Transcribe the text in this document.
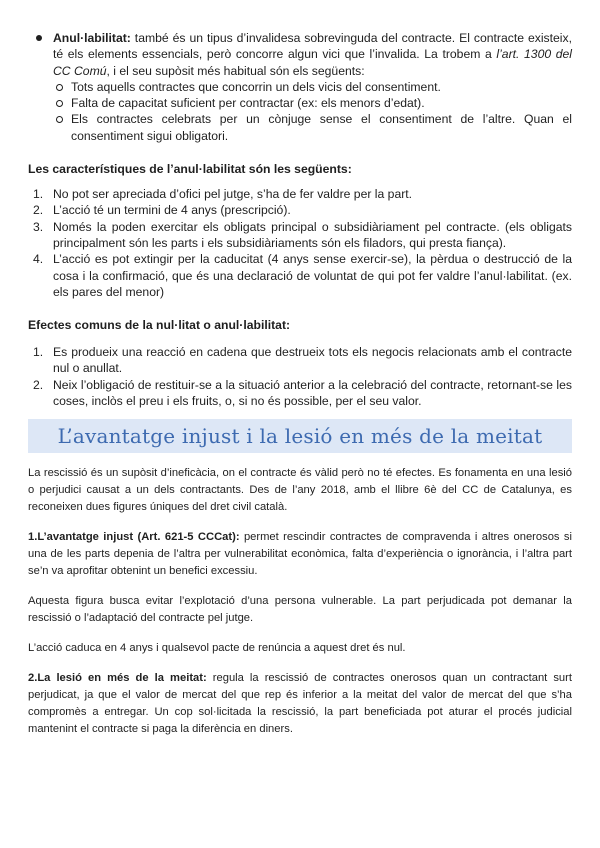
Anul·labilitat: també és un tipus d’invalidesa sobrevinguda del contracte. El contracte existeix, té els elements essencials, però concorre algun vici que l’invalida. La trobem a l’art. 1300 del CC Comú, i el seu supòsit més habitual són els següents:

Tots aquells contractes que concorrin un dels vicis del consentiment.
Falta de capacitat suficient per contractar (ex: els menors d’edat).
Els contractes celebrats per un cònjuge sense el consentiment de l’altre. Quan el consentiment sigui obligatori.

Les característiques de l’anul·labilitat són les següents:

1. No pot ser apreciada d’ofici pel jutge, s’ha de fer valdre per la part.
2. L’acció té un termini de 4 anys (prescripció).
3. Només la poden exercitar els obligats principal o subsidiàriament pel contracte. (els obligats principalment són les parts i els subsidiàriaments són els filadors, qui presta fiança).
4. L’acció es pot extingir per la caducitat (4 anys sense exercir-se), la pèrdua o destrucció de la cosa i la confirmació, que és una declaració de voluntat de qui pot fer valdre l’anul·labilitat. (ex. els pares del menor)

Efectes comuns de la nul·litat o anul·labilitat:

1. Es produeix una reacció en cadena que destrueix tots els negocis relacionats amb el contracte nul o anullat.
2. Neix l’obligació de restituir-se a la situació anterior a la celebració del contracte, retornant-se les coses, inclòs el preu i els fruits, o, si no és possible, per el seu valor.
L’avantatge injust i la lesió en més de la meitat

La rescissió és un supòsit d’ineficàcia, on el contracte és vàlid però no té efectes. Es fonamenta en una lesió o perjudici causat a un dels contractants. Des de l’any 2018, amb el llibre 6è del CC de Catalunya, es reconeixen dues figures úniques del dret civil català.

1.L’avantatge injust (Art. 621-5 CCCat): permet rescindir contractes de compravenda i altres onerosos si una de les parts depenia de l’altra per vulnerabilitat econòmica, falta d’experiència o ignorància, i l’altra part se’n va aprofitar obtenint un benefici excessiu.

Aquesta figura busca evitar l’explotació d’una persona vulnerable. La part perjudicada pot demanar la rescissió o l’adaptació del contracte pel jutge.

L’acció caduca en 4 anys i qualsevol pacte de renúncia a aquest dret és nul.

2.La lesió en més de la meitat: regula la rescissió de contractes onerosos quan un contractant surt perjudicat, ja que el valor de mercat del que rep és inferior a la meitat del valor de mercat del que s’ha compromès a entregar. Un cop sol·licitada la rescissió, la part beneficiada pot aturar el procés judicial mantenint el contracte si paga la diferència en diners.
